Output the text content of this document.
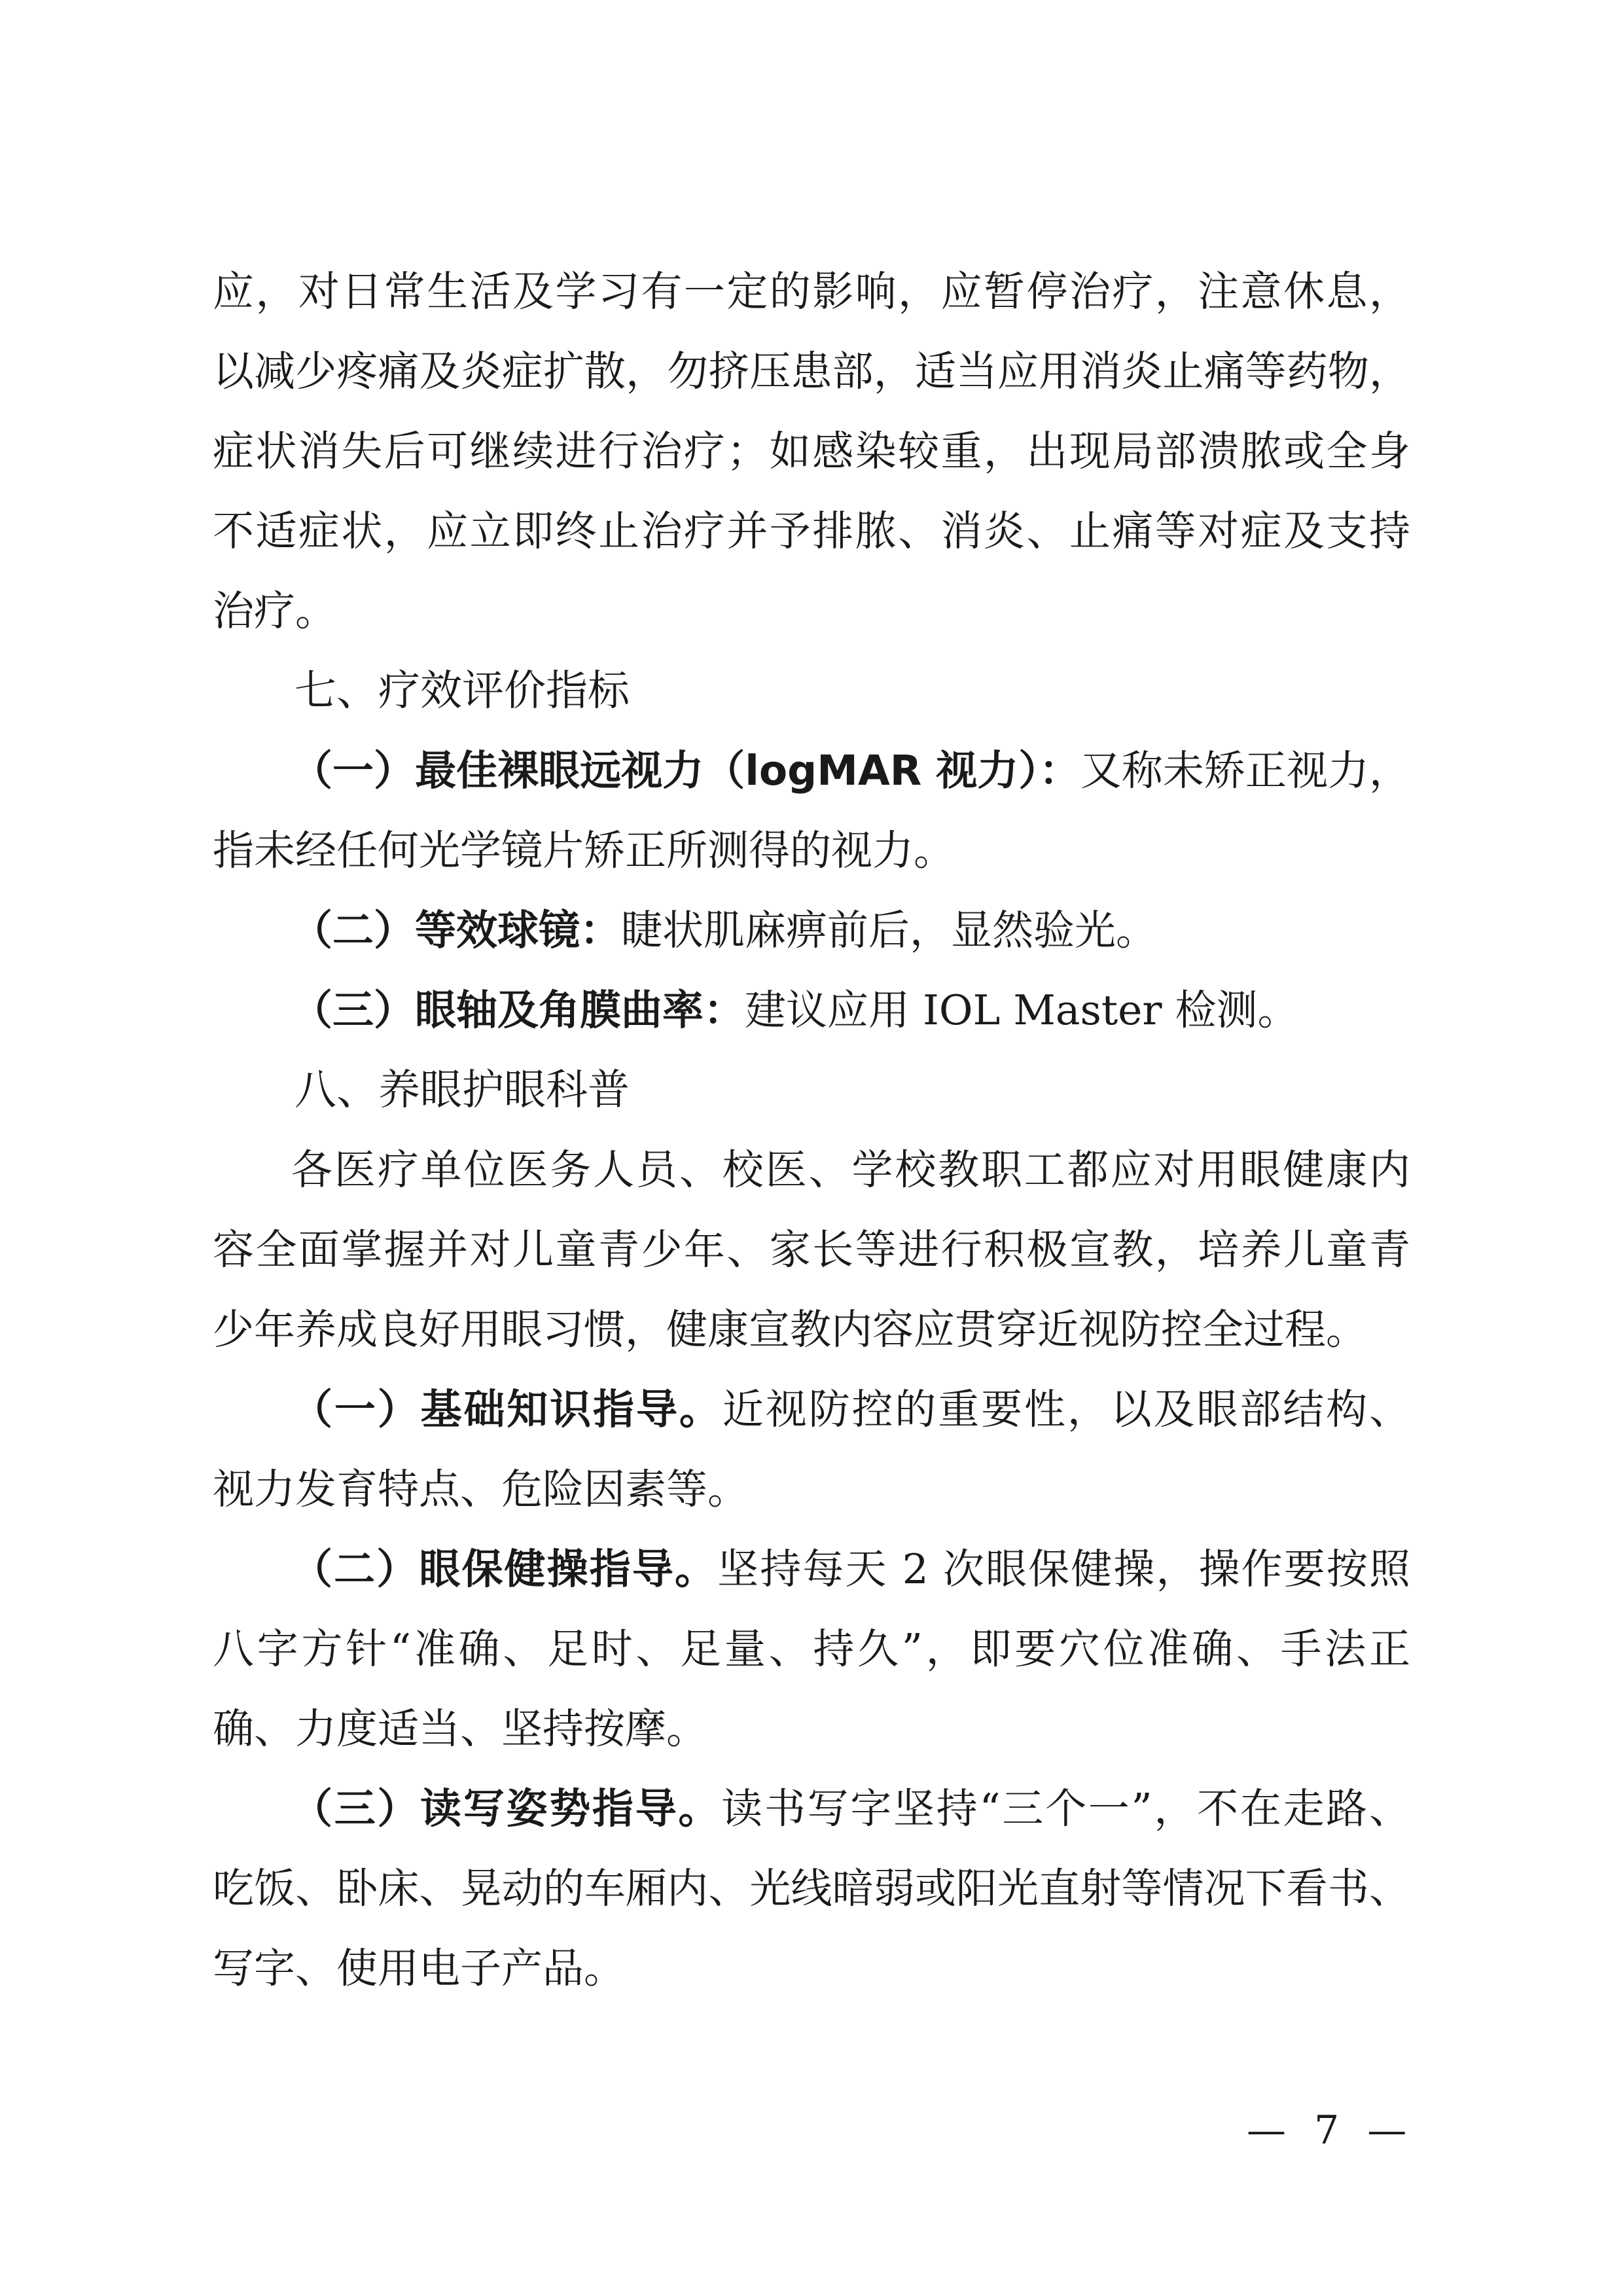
应，对日常生活及学习有一定的影响，应暂停治疗，注意休息，
以减少疼痛及炎症扩散，勿挤压患部，适当应用消炎止痛等药物，
症状消失后可继续进行治疗；如感染较重，出现局部溃脓或全身
不适症状，应立即终止治疗并予排脓、消炎、止痛等对症及支持
治疗。
七、疗效评价指标
（一）最佳裸眼远视力（logMAR 视力）：又称未矫正视力，
指未经任何光学镜片矫正所测得的视力。
（二）等效球镜：睫状肌麻痹前后，显然验光。
（三）眼轴及角膜曲率：建议应用 IOL Master 检测。
八、养眼护眼科普
各医疗单位医务人员、校医、学校教职工都应对用眼健康内
容全面掌握并对儿童青少年、家长等进行积极宣教，培养儿童青
少年养成良好用眼习惯，健康宣教内容应贯穿近视防控全过程。
（一）基础知识指导。近视防控的重要性，以及眼部结构、
视力发育特点、危险因素等。
（二）眼保健操指导。坚持每天 2 次眼保健操，操作要按照
八字方针“准确、足时、足量、持久”，即要穴位准确、手法正
确、力度适当、坚持按摩。
（三）读写姿势指导。读书写字坚持“三个一”，不在走路、
吃饭、卧床、晃动的车厢内、光线暗弱或阳光直射等情况下看书、
写字、使用电子产品。
— 7 —
